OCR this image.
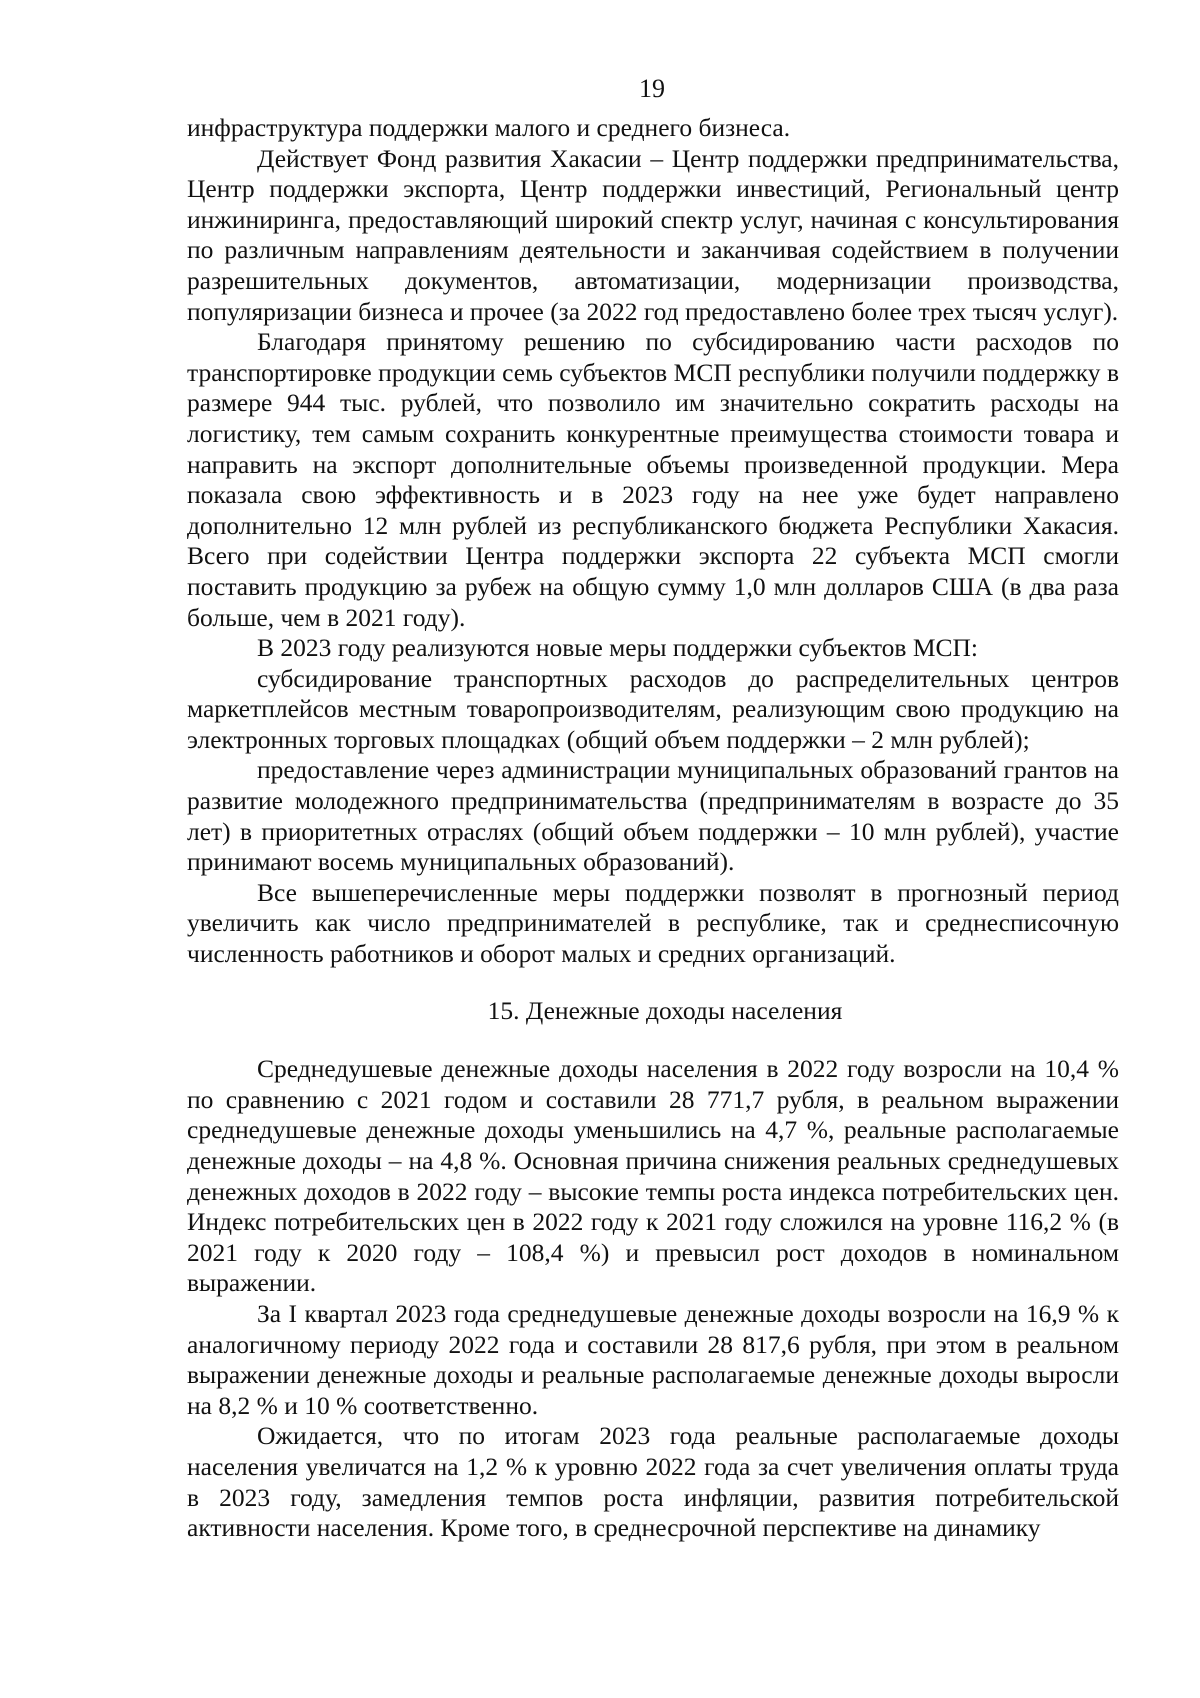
19

инфраструктура поддержки малого и среднего бизнеса.

Действует Фонд развития Хакасии – Центр поддержки предпринимательства, Центр поддержки экспорта, Центр поддержки инвестиций, Региональный центр инжиниринга, предоставляющий широкий спектр услуг, начиная с консультирования по различным направлениям деятельности и заканчивая содействием в получении разрешительных документов, автоматизации, модернизации производства, популяризации бизнеса и прочее (за 2022 год предоставлено более трех тысяч услуг).

Благодаря принятому решению по субсидированию части расходов по транспортировке продукции семь субъектов МСП республики получили поддержку в размере 944 тыс. рублей, что позволило им значительно сократить расходы на логистику, тем самым сохранить конкурентные преимущества стоимости товара и направить на экспорт дополнительные объемы произведенной продукции. Мера показала свою эффективность и в 2023 году на нее уже будет направлено дополнительно 12 млн рублей из республиканского бюджета Республики Хакасия. Всего при содействии Центра поддержки экспорта 22 субъекта МСП смогли поставить продукцию за рубеж на общую сумму 1,0 млн долларов США (в два раза больше, чем в 2021 году).

В 2023 году реализуются новые меры поддержки субъектов МСП:

субсидирование транспортных расходов до распределительных центров маркетплейсов местным товаропроизводителям, реализующим свою продукцию на электронных торговых площадках (общий объем поддержки – 2 млн рублей);

предоставление через администрации муниципальных образований грантов на развитие молодежного предпринимательства (предпринимателям в возрасте до 35 лет) в приоритетных отраслях (общий объем поддержки – 10 млн рублей), участие принимают восемь муниципальных образований).

Все вышеперечисленные меры поддержки позволят в прогнозный период увеличить как число предпринимателей в республике, так и среднесписочную численность работников и оборот малых и средних организаций.

15. Денежные доходы населения

Среднедушевые денежные доходы населения в 2022 году возросли на 10,4 % по сравнению с 2021 годом и составили 28 771,7 рубля, в реальном выражении среднедушевые денежные доходы уменьшились на 4,7 %, реальные располагаемые денежные доходы – на 4,8 %. Основная причина снижения реальных среднедушевых денежных доходов в 2022 году – высокие темпы роста индекса потребительских цен. Индекс потребительских цен в 2022 году к 2021 году сложился на уровне 116,2 % (в 2021 году к 2020 году – 108,4 %) и превысил рост доходов в номинальном выражении.

За I квартал 2023 года среднедушевые денежные доходы возросли на 16,9 % к аналогичному периоду 2022 года и составили 28 817,6 рубля, при этом в реальном выражении денежные доходы и реальные располагаемые денежные доходы выросли на 8,2 % и 10 % соответственно.

Ожидается, что по итогам 2023 года реальные располагаемые доходы населения увеличатся на 1,2 % к уровню 2022 года за счет увеличения оплаты труда в 2023 году, замедления темпов роста инфляции, развития потребительской активности населения. Кроме того, в среднесрочной перспективе на динамику
